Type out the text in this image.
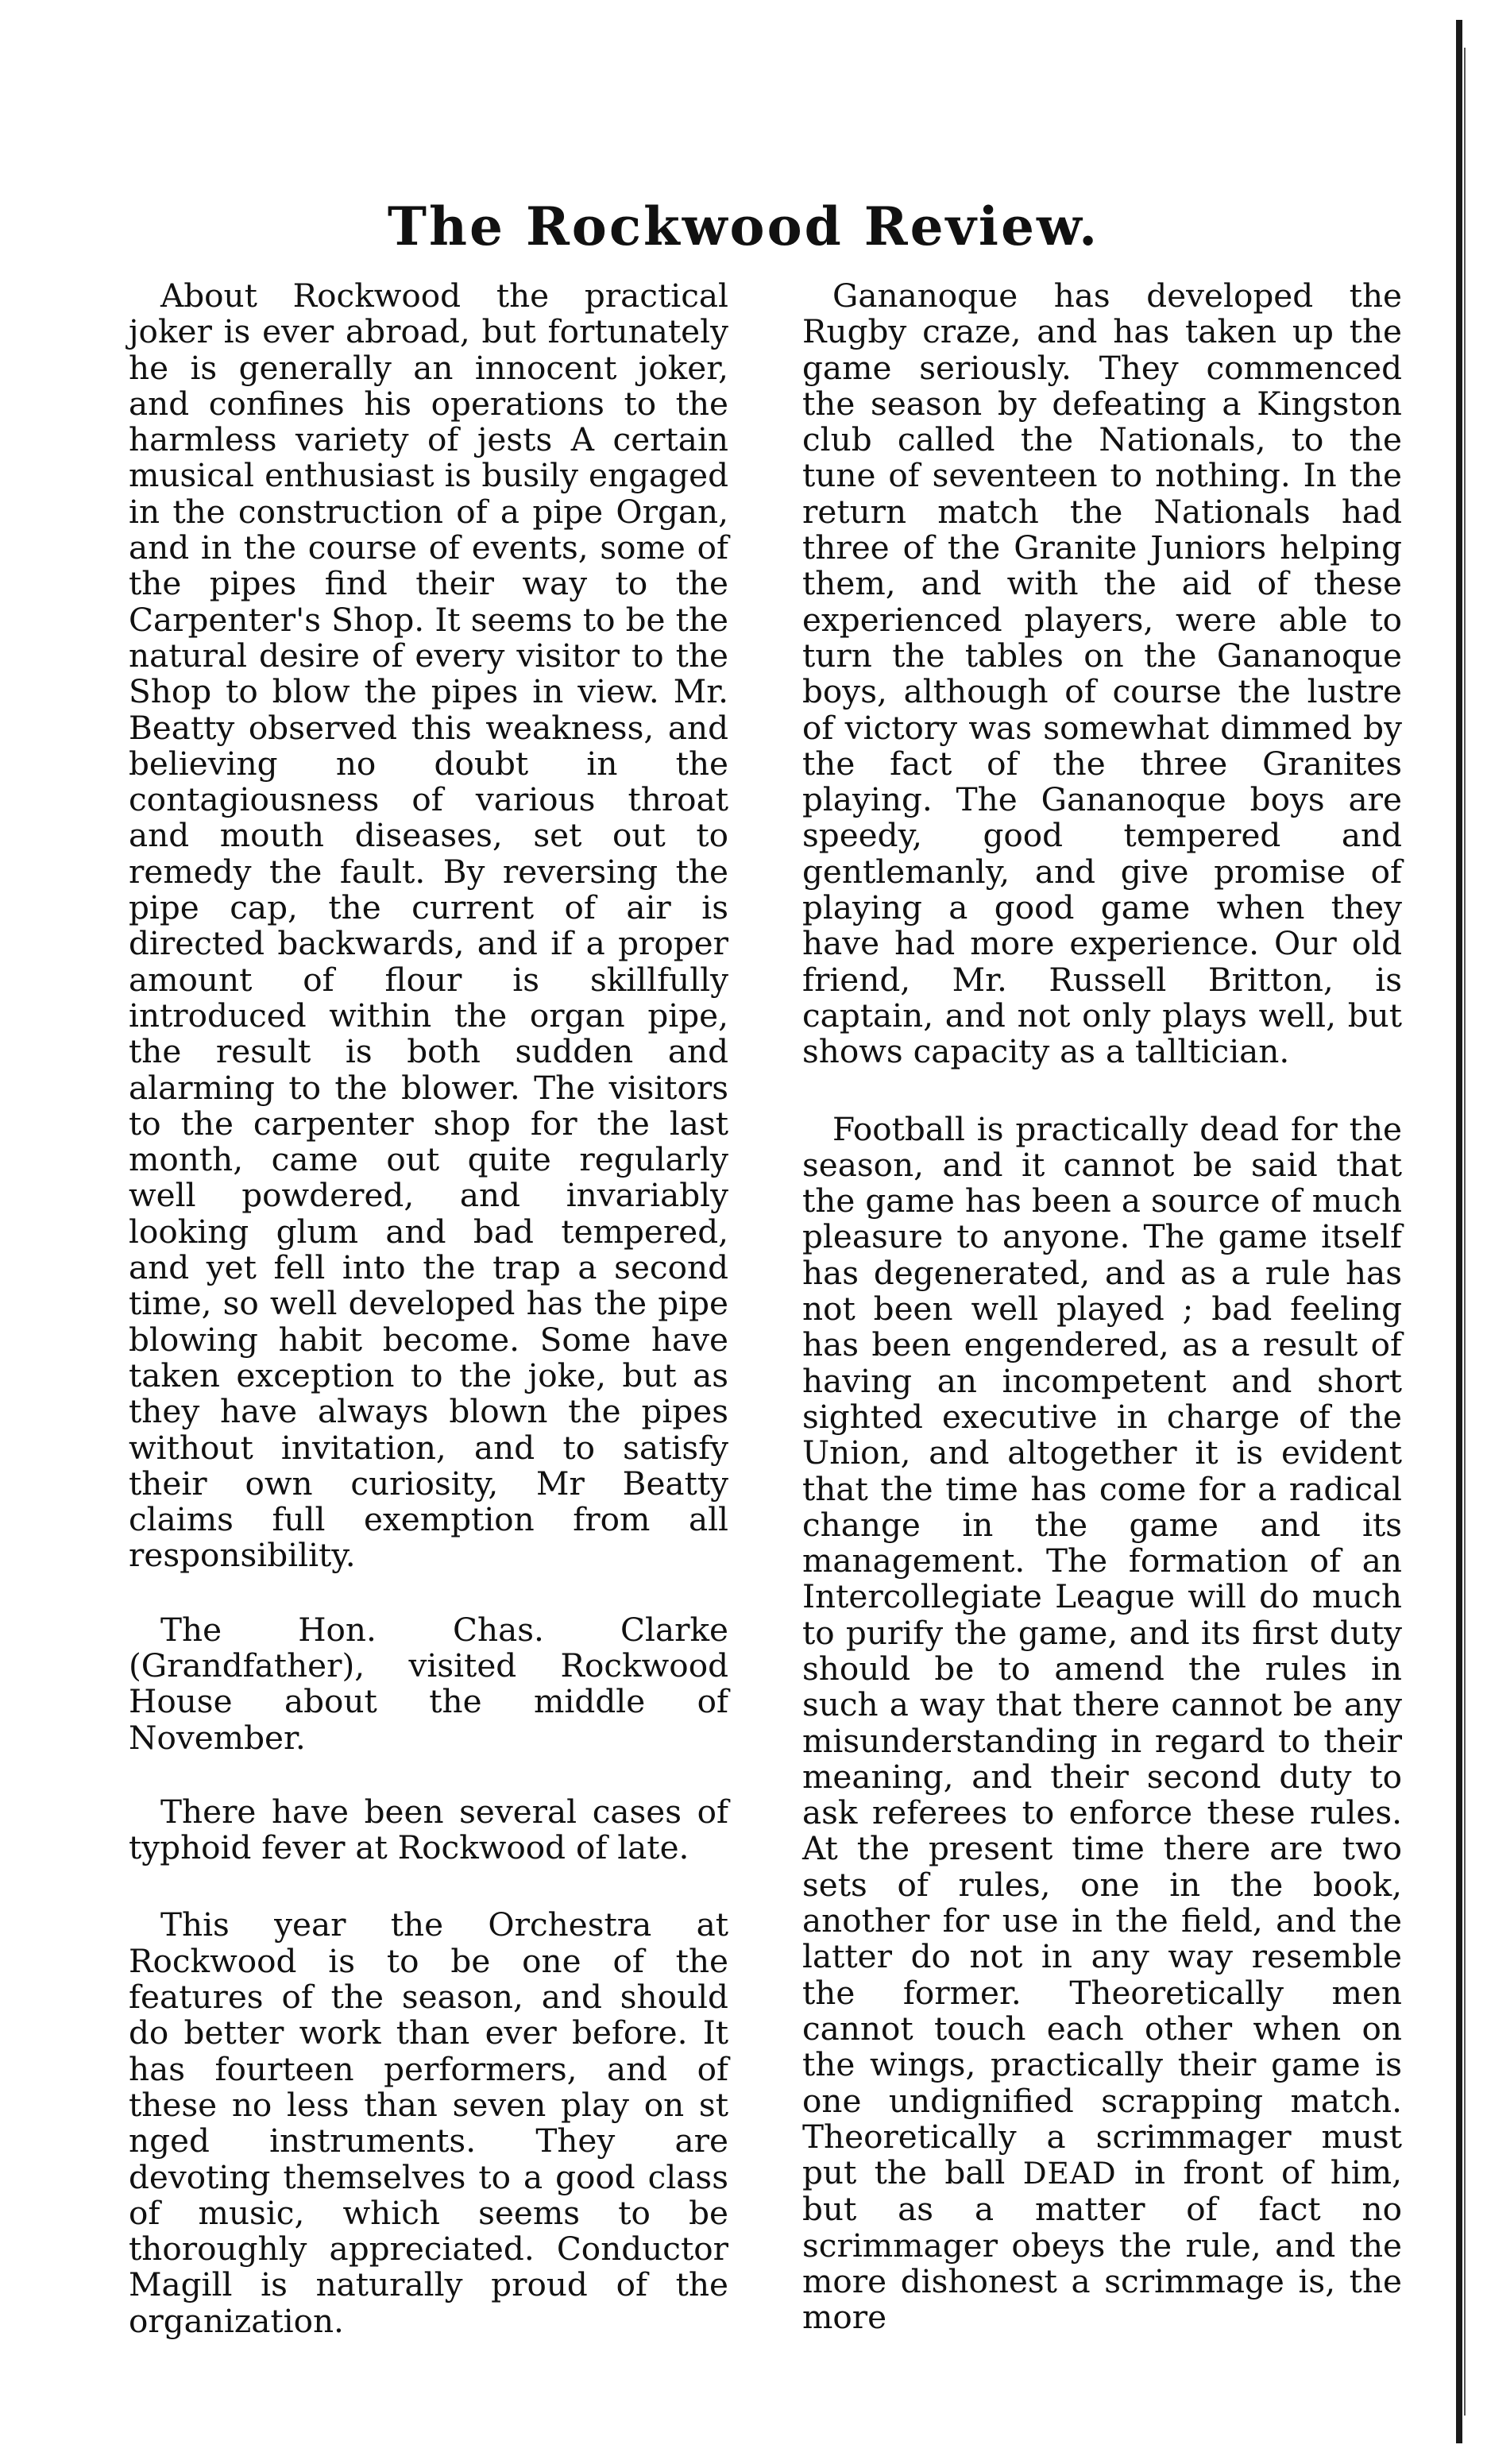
The Rockwood Review.

About Rockwood the practical joker is ever abroad, but fortunately he is generally an innocent joker, and confines his operations to the harmless variety of jests A certain musical enthusiast is busily engaged in the construction of a pipe Organ, and in the course of events, some of the pipes find their way to the Carpenter's Shop. It seems to be the natural desire of every visitor to the Shop to blow the pipes in view. Mr. Beatty observed this weakness, and believing no doubt in the contagiousness of various throat and mouth diseases, set out to remedy the fault. By reversing the pipe cap, the current of air is directed backwards, and if a proper amount of flour is skillfully introduced within the organ pipe, the result is both sudden and alarming to the blower. The visitors to the carpenter shop for the last month, came out quite regularly well powdered, and invariably looking glum and bad tempered, and yet fell into the trap a second time, so well developed has the pipe blowing habit become. Some have taken exception to the joke, but as they have always blown the pipes without invitation, and to satisfy their own curiosity, Mr Beatty claims full exemption from all responsibility.

The Hon. Chas. Clarke (Grandfather), visited Rockwood House about the middle of November.

There have been several cases of typhoid fever at Rockwood of late.

This year the Orchestra at Rockwood is to be one of the features of the season, and should do better work than ever before. It has fourteen performers, and of these no less than seven play on st nged instruments. They are devoting themselves to a good class of music, which seems to be thoroughly appreciated. Conductor Magill is naturally proud of the organization.

Gananoque has developed the Rugby craze, and has taken up the game seriously. They commenced the season by defeating a Kingston club called the Nationals, to the tune of seventeen to nothing. In the return match the Nationals had three of the Granite Juniors helping them, and with the aid of these experienced players, were able to turn the tables on the Gananoque boys, although of course the lustre of victory was somewhat dimmed by the fact of the three Granites playing. The Gananoque boys are speedy, good tempered and gentlemanly, and give promise of playing a good game when they have had more experience. Our old friend, Mr. Russell Britton, is captain, and not only plays well, but shows capacity as a talltician.

Football is practically dead for the season, and it cannot be said that the game has been a source of much pleasure to anyone. The game itself has degenerated, and as a rule has not been well played ; bad feeling has been engendered, as a result of having an incompetent and short sighted executive in charge of the Union, and altogether it is evident that the time has come for a radical change in the game and its management. The formation of an Intercollegiate League will do much to purify the game, and its first duty should be to amend the rules in such a way that there cannot be any misunderstanding in regard to their meaning, and their second duty to ask referees to enforce these rules. At the present time there are two sets of rules, one in the book, another for use in the field, and the latter do not in any way resemble the former. Theoretically men cannot touch each other when on the wings, practically their game is one undignified scrapping match. Theoretically a scrimmager must put the ball DEAD in front of him, but as a matter of fact no scrimmager obeys the rule, and the more dishonest a scrimmage is, the more
